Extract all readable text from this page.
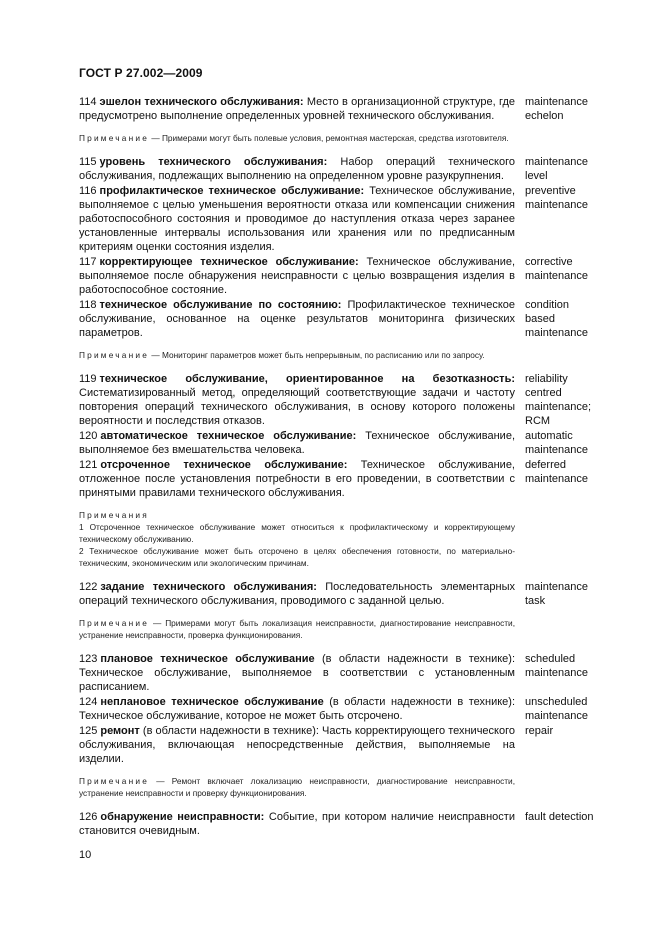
ГОСТ Р 27.002—2009
114 эшелон технического обслуживания: Место в организационной структуре, где предусмотрено выполнение определенных уровней технического обслуживания.
maintenance
echelon

Примечание — Примерами могут быть полевые условия, ремонтная мастерская, средства изготовителя.

115 уровень технического обслуживания: Набор операций технического обслуживания, подлежащих выполнению на определенном уровне разукрупнения.
maintenance
level
116 профилактическое техническое обслуживание: Техническое обслуживание, выполняемое с целью уменьшения вероятности отказа или компенсации снижения работоспособного состояния и проводимое до наступления отказа через заранее установленные интервалы использования или хранения или по предписанным критериям оценки состояния изделия.
preventive
maintenance
117 корректирующее техническое обслуживание: Техническое обслуживание, выполняемое после обнаружения неисправности с целью возвращения изделия в работоспособное состояние.
corrective
maintenance
118 техническое обслуживание по состоянию: Профилактическое техническое обслуживание, основанное на оценке результатов мониторинга физических параметров.
condition
based
maintenance

Примечание — Мониторинг параметров может быть непрерывным, по расписанию или по запросу.

119 техническое обслуживание, ориентированное на безотказность: Систематизированный метод, определяющий соответствующие задачи и частоту повторения операций технического обслуживания, в основу которого положены вероятности и последствия отказов.
reliability
centred
maintenance;
RCM
120 автоматическое техническое обслуживание: Техническое обслуживание, выполняемое без вмешательства человека.
automatic
maintenance
121 отсроченное техническое обслуживание: Техническое обслуживание, отложенное после установления потребности в его проведении, в соответствии с принятыми правилами технического обслуживания.
deferred
maintenance

Примечания

1 Отсроченное техническое обслуживание может относиться к профилактическому и корректирующему техническому обслуживанию.

2 Техническое обслуживание может быть отсрочено в целях обеспечения готовности, по материально-техническим, экономическим или экологическим причинам.

122 задание технического обслуживания: Последовательность элементарных операций технического обслуживания, проводимого с заданной целью.
maintenance
task

Примечание — Примерами могут быть локализация неисправности, диагностирование неисправности, устранение неисправности, проверка функционирования.

123 плановое техническое обслуживание (в области надежности в технике): Техническое обслуживание, выполняемое в соответствии с установленным расписанием.
scheduled
maintenance
124 неплановое техническое обслуживание (в области надежности в технике): Техническое обслуживание, которое не может быть отсрочено.
unscheduled
maintenance
125 ремонт (в области надежности в технике): Часть корректирующего технического обслуживания, включающая непосредственные действия, выполняемые на изделии.
repair

Примечание — Ремонт включает локализацию неисправности, диагностирование неисправности, устранение неисправности и проверку функционирования.

126 обнаружение неисправности: Событие, при котором наличие неисправности становится очевидным.
fault detection
10
